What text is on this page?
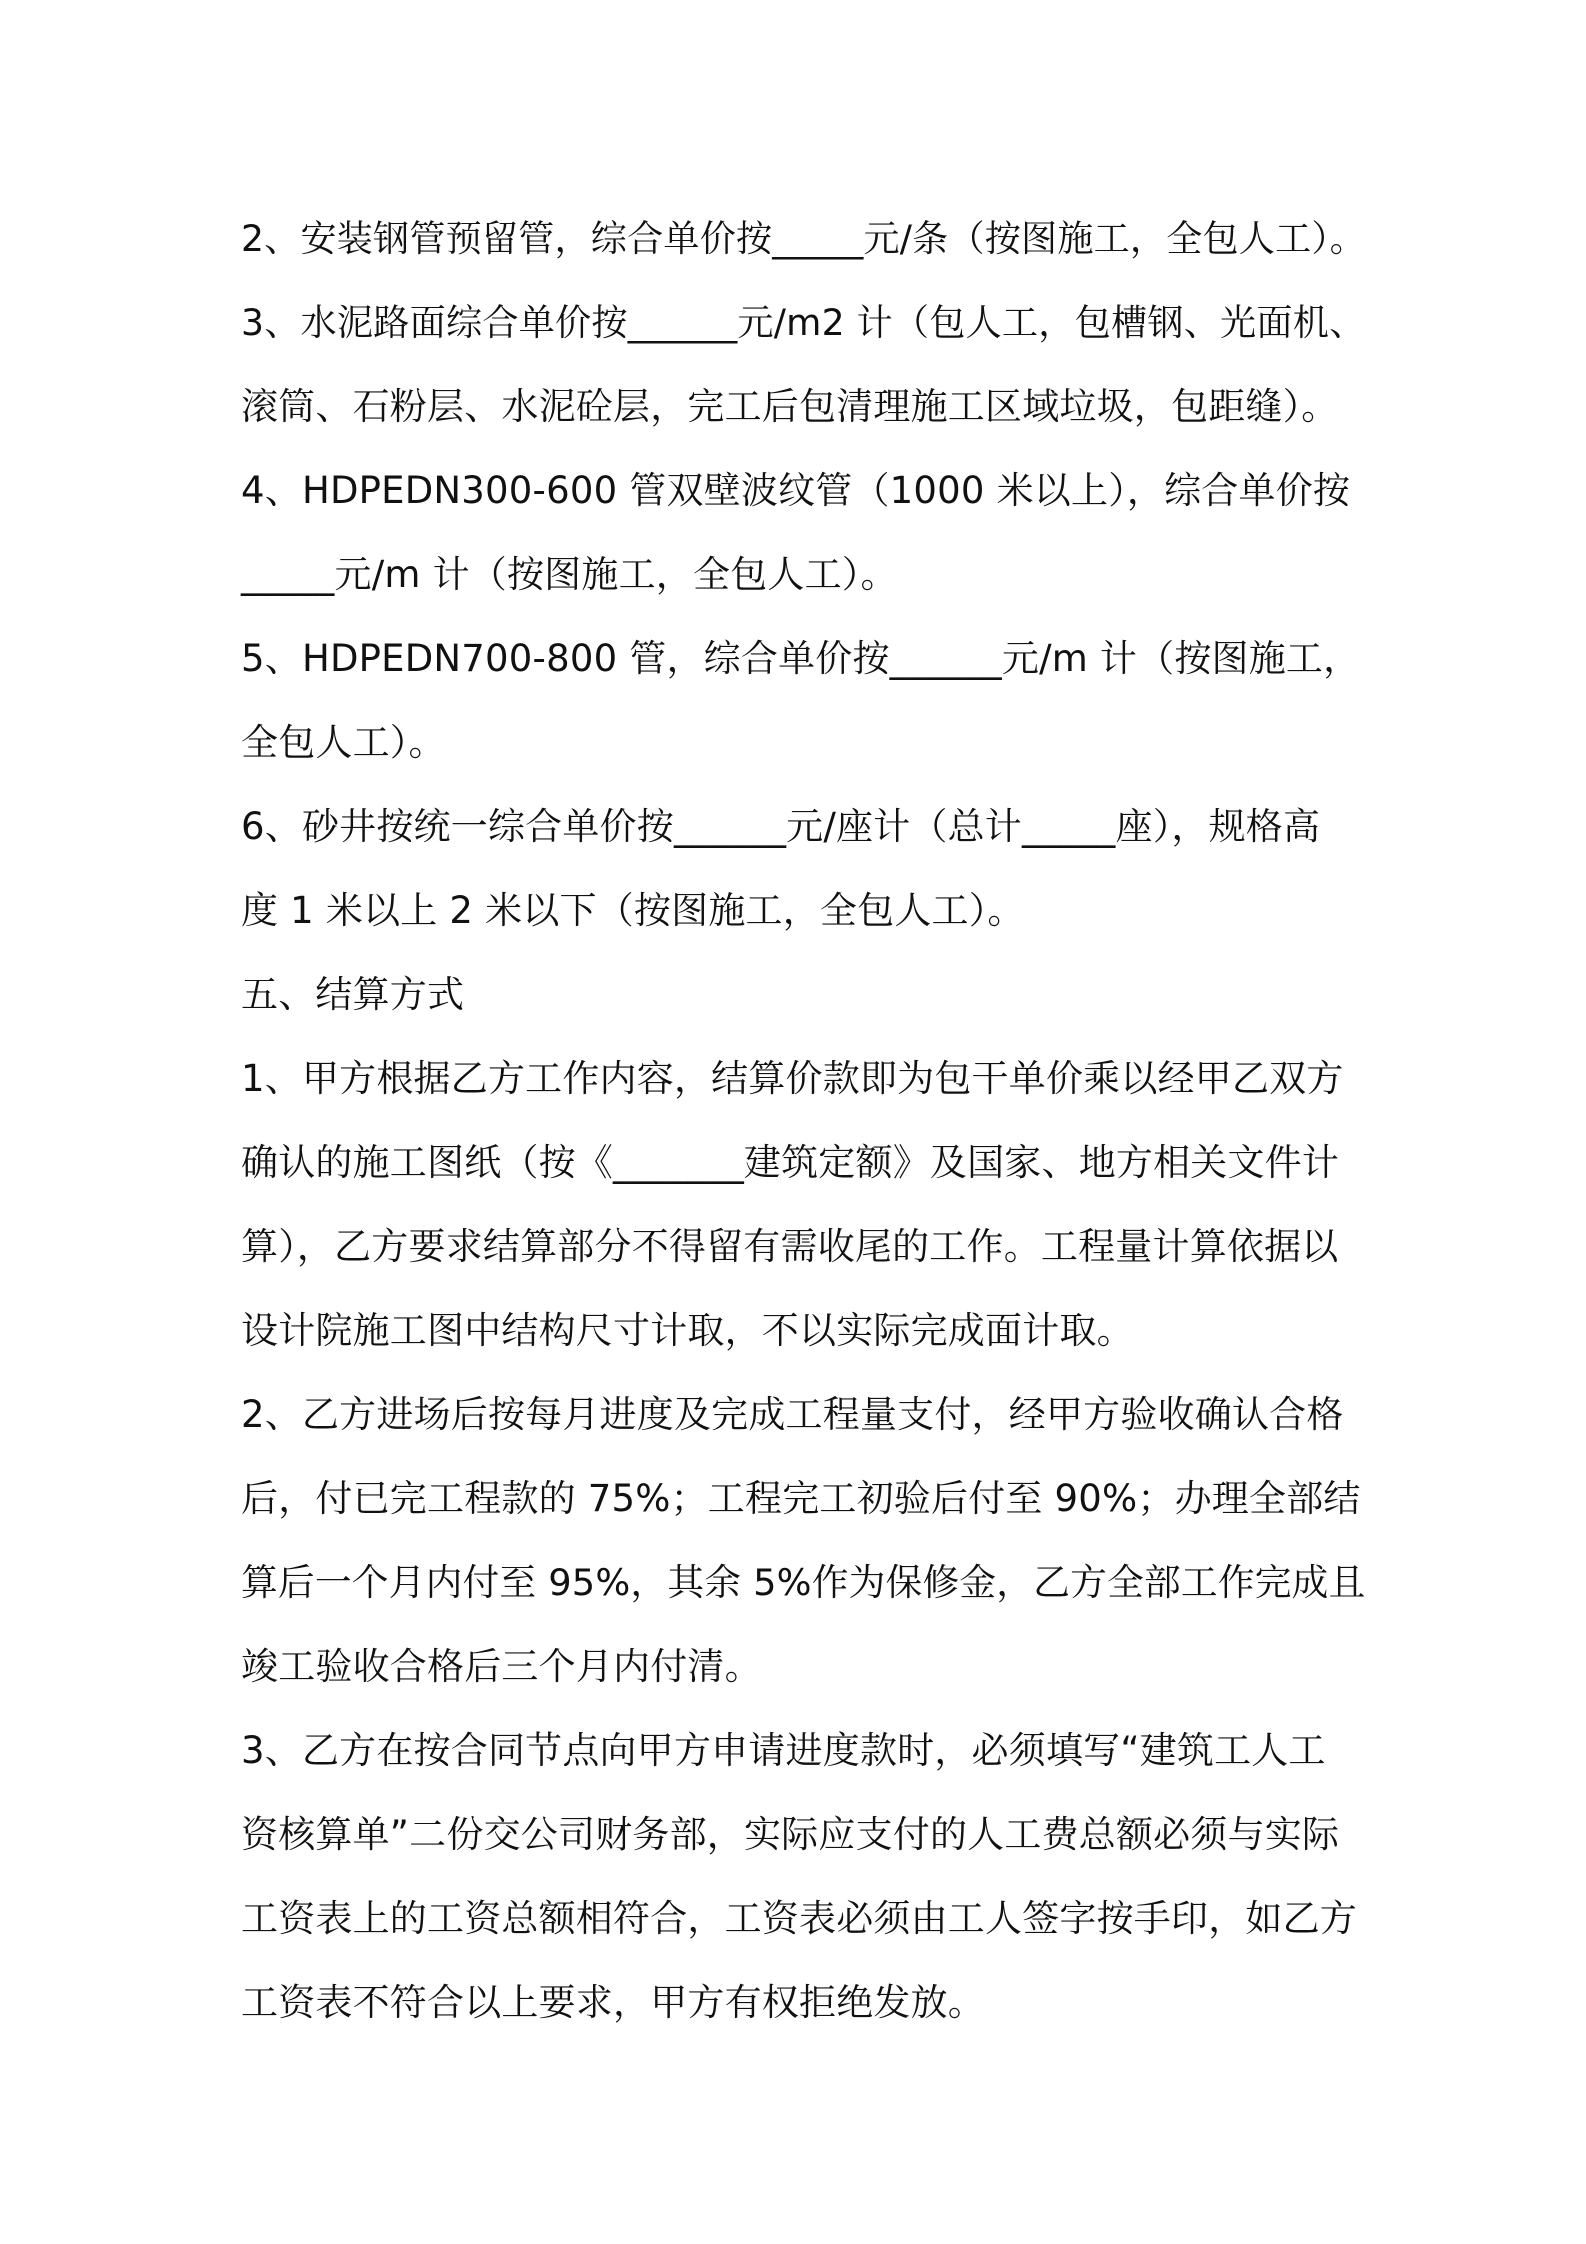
2、安装钢管预留管，综合单价按_____元/条（按图施工，全包人工）。
3、水泥路面综合单价按______元/m2 计（包人工，包槽钢、光面机、
滚筒、石粉层、水泥砼层，完工后包清理施工区域垃圾，包距缝）。
4、HDPEDN300-600 管双壁波纹管（1000 米以上），综合单价按
_____元/m 计（按图施工，全包人工）。
5、HDPEDN700-800 管，综合单价按______元/m 计（按图施工，
全包人工）。
6、砂井按统一综合单价按______元/座计（总计_____座），规格高
度 1 米以上 2 米以下（按图施工，全包人工）。
五、结算方式
1、甲方根据乙方工作内容，结算价款即为包干单价乘以经甲乙双方
确认的施工图纸（按《_______建筑定额》及国家、地方相关文件计
算），乙方要求结算部分不得留有需收尾的工作。工程量计算依据以
设计院施工图中结构尺寸计取，不以实际完成面计取。
2、乙方进场后按每月进度及完成工程量支付，经甲方验收确认合格
后，付已完工程款的 75%；工程完工初验后付至 90%；办理全部结
算后一个月内付至 95%，其余 5%作为保修金，乙方全部工作完成且
竣工验收合格后三个月内付清。
3、乙方在按合同节点向甲方申请进度款时，必须填写“建筑工人工
资核算单”二份交公司财务部，实际应支付的人工费总额必须与实际
工资表上的工资总额相符合，工资表必须由工人签字按手印，如乙方
工资表不符合以上要求，甲方有权拒绝发放。
